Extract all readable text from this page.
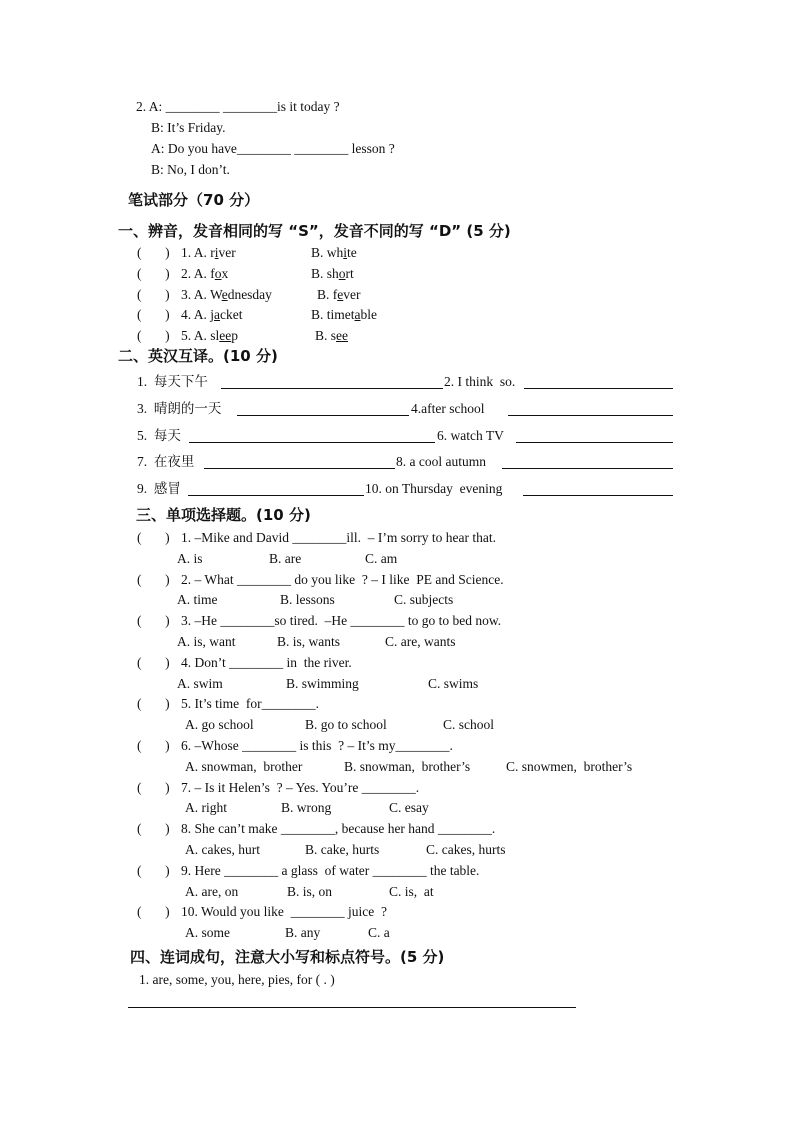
2. A: ________ ________is it today ?
B: It’s Friday.
A: Do you have________ ________ lesson ?
B: No, I don’t.
笔试部分（70 分）
一、辨音，发音相同的写 “S”，发音不同的写 “D” (5 分)
(       ) 1. A. river	B. white
(       ) 2. A. fox	B. short
(       ) 3. A. Wednesday	B. fever
(       ) 4. A. jacket	B. timetable
(       ) 5. A. sleep	B. see
二、英汉互译。(10 分)
1.  每天下午	2. I think  so.
3.  晴朗的一天	4.after school
5.  每天	6. watch TV
7.  在夜里	8. a cool autumn
9.  感冒	10. on Thursday  evening
三、单项选择题。(10 分)
(       ) 1. –Mike and David ________ill.  – I’m sorry to hear that.
A. is	B. are	C. am
(       ) 2. – What ________ do you like  ? – I like  PE and Science.
A. time	B. lessons	C. subjects
(       ) 3. –He ________so tired.  –He ________ to go to bed now.
A. is, want	B. is, wants	C. are, wants
(       ) 4. Don’t ________ in  the river.
A. swim	B. swimming	C. swims
(       ) 5. It’s time  for________.
A. go school	B. go to school	C. school
(       ) 6. –Whose ________ is this  ? – It’s my________.
A. snowman,  brother	B. snowman,  brother’s	C. snowmen,  brother’s
(       ) 7. – Is it Helen’s  ? – Yes. You’re ________.
A. right	B. wrong	C. esay
(       ) 8. She can’t make ________, because her hand ________.
A. cakes, hurt	B. cake, hurts	C. cakes, hurts
(       ) 9. Here ________ a glass  of water ________ the table.
A. are, on	B. is, on	C. is,  at
(       ) 10. Would you like  ________ juice  ?
A. some	B. any	C. a
四、连词成句，注意大小写和标点符号。(5 分)
1. are, some, you, here, pies, for ( . )
